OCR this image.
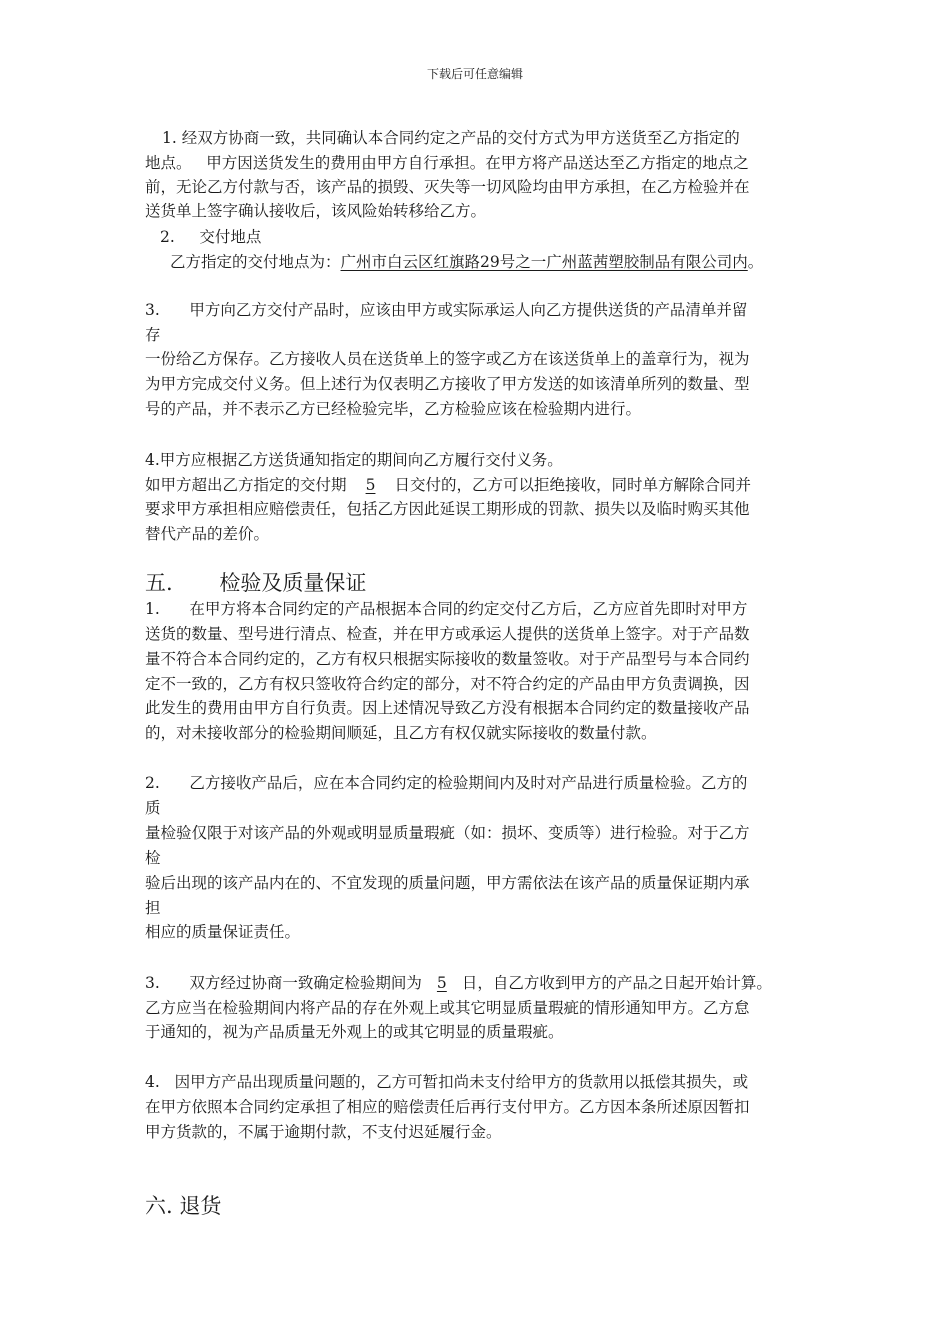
下载后可任意编辑
1. 经双方协商一致，共同确认本合同约定之产品的交付方式为甲方送货至乙方指定的
地点。   甲方因送货发生的费用由甲方自行承担。在甲方将产品送达至乙方指定的地点之
前，无论乙方付款与否，该产品的损毁、灭失等一切风险均由甲方承担，在乙方检验并在
送货单上签字确认接收后，该风险始转移给乙方。
2.     交付地点
乙方指定的交付地点为：广州市白云区红旗路29号之一广州蓝茜塑胶制品有限公司内。
3.      甲方向乙方交付产品时，应该由甲方或实际承运人向乙方提供送货的产品清单并留
存
一份给乙方保存。乙方接收人员在送货单上的签字或乙方在该送货单上的盖章行为，视为
为甲方完成交付义务。但上述行为仅表明乙方接收了甲方发送的如该清单所列的数量、型
号的产品，并不表示乙方已经检验完毕，乙方检验应该在检验期内进行。
4.甲方应根据乙方送货通知指定的期间向乙方履行交付义务。
如甲方超出乙方指定的交付期 5 日交付的，乙方可以拒绝接收，同时单方解除合同并
要求甲方承担相应赔偿责任，包括乙方因此延误工期形成的罚款、损失以及临时购买其他
替代产品的差价。
五.       检验及质量保证
1.      在甲方将本合同约定的产品根据本合同的约定交付乙方后，乙方应首先即时对甲方
送货的数量、型号进行清点、检查，并在甲方或承运人提供的送货单上签字。对于产品数
量不符合本合同约定的，乙方有权只根据实际接收的数量签收。对于产品型号与本合同约
定不一致的，乙方有权只签收符合约定的部分，对不符合约定的产品由甲方负责调换，因
此发生的费用由甲方自行负责。因上述情况导致乙方没有根据本合同约定的数量接收产品
的，对未接收部分的检验期间顺延，且乙方有权仅就实际接收的数量付款。
2.      乙方接收产品后，应在本合同约定的检验期间内及时对产品进行质量检验。乙方的
质
量检验仅限于对该产品的外观或明显质量瑕疵（如：损坏、变质等）进行检验。对于乙方
检
验后出现的该产品内在的、不宜发现的质量问题，甲方需依法在该产品的质量保证期内承
担
相应的质量保证责任。
3.      双方经过协商一致确定检验期间为 5 日，自乙方收到甲方的产品之日起开始计算。
乙方应当在检验期间内将产品的存在外观上或其它明显质量瑕疵的情形通知甲方。乙方怠
于通知的，视为产品质量无外观上的或其它明显的质量瑕疵。
4.   因甲方产品出现质量问题的，乙方可暂扣尚未支付给甲方的货款用以抵偿其损失，或
在甲方依照本合同约定承担了相应的赔偿责任后再行支付甲方。乙方因本条所述原因暂扣
甲方货款的，不属于逾期付款，不支付迟延履行金。
六. 退货
